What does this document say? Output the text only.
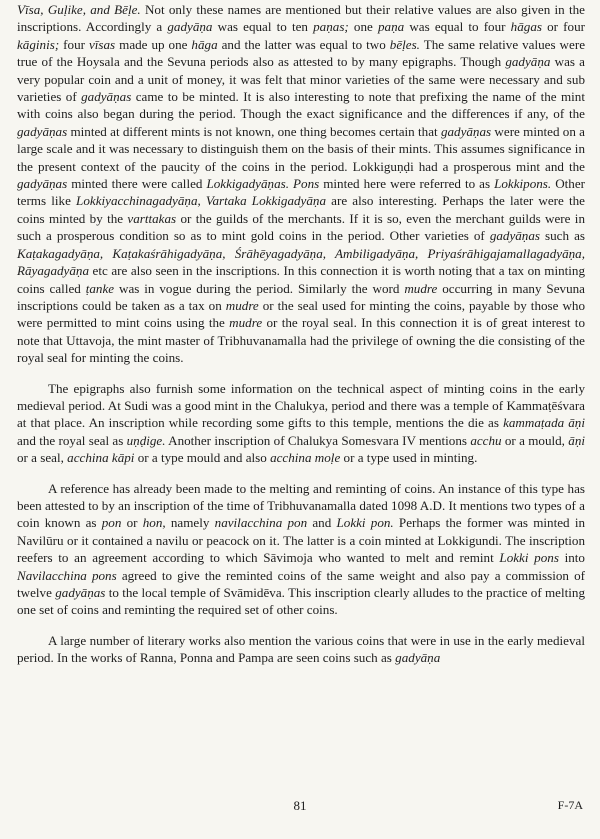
Vīsa, Guḷike, and Bēḷe. Not only these names are mentioned but their relative values are also given in the inscriptions. Accordingly a gadyāṇa was equal to ten paṇas; one paṇa was equal to four hāgas or four kāginis; four vīsas made up one hāga and the latter was equal to two bēḷes. The same relative values were true of the Hoysala and the Sevuna periods also as attested to by many epigraphs. Though gadyāṇa was a very popular coin and a unit of money, it was felt that minor varieties of the same were necessary and sub varieties of gadyāṇas came to be minted. It is also interesting to note that prefixing the name of the mint with coins also began during the period. Though the exact significance and the differences if any, of the gadyāṇas minted at different mints is not known, one thing becomes certain that gadyāṇas were minted on a large scale and it was necessary to distinguish them on the basis of their mints. This assumes significance in the present context of the paucity of the coins in the period. Lokkiguṇḍi had a prosperous mint and the gadyāṇas minted there were called Lokkigadyāṇas. Pons minted here were referred to as Lokkipons. Other terms like Lokkiyacchinagadyāṇa, Vartaka Lokkigadyāṇa are also interesting. Perhaps the later were the coins minted by the varttakas or the guilds of the merchants. If it is so, even the merchant guilds were in such a prosperous condition so as to mint gold coins in the period. Other varieties of gadyāṇas such as Kaṭakagadyāṇa, Kaṭakaśrāhigadyāṇa, Śrāhēyagadyāṇa, Ambiligadyāṇa, Priyaśrāhigajamallagadyāṇa, Rāyagadyāṇa etc are also seen in the inscriptions. In this connection it is worth noting that a tax on minting coins called ṭanke was in vogue during the period. Similarly the word mudre occurring in many Sevuna inscriptions could be taken as a tax on mudre or the seal used for minting the coins, payable by those who were permitted to mint coins using the mudre or the royal seal. In this connection it is of great interest to note that Uttavoja, the mint master of Tribhuvanamalla had the privilege of owning the die consisting of the royal seal for minting the coins.

The epigraphs also furnish some information on the technical aspect of minting coins in the early medieval period. At Sudi was a good mint in the Chalukya, period and there was a temple of Kammaṭēśvara at that place. An inscription while recording some gifts to this temple, mentions the die as kammaṭada āṇi and the royal seal as uṇḍige. Another inscription of Chalukya Somesvara IV mentions acchu or a mould, āṇi or a seal, acchina kāpi or a type mould and also acchina moḷe or a type used in minting.

A reference has already been made to the melting and reminting of coins. An instance of this type has been attested to by an inscription of the time of Tribhuvanamalla dated 1098 A.D. It mentions two types of a coin known as pon or hon, namely navilacchina pon and Lokki pon. Perhaps the former was minted in Navilūru or it contained a navilu or peacock on it. The latter is a coin minted at Lokkigundi. The inscription reefers to an agreement according to which Sāvimoja who wanted to melt and remint Lokki pons into Navilacchina pons agreed to give the reminted coins of the same weight and also pay a commission of twelve gadyāṇas to the local temple of Svāmidēva. This inscription clearly alludes to the practice of melting one set of coins and reminting the required set of other coins.

A large number of literary works also mention the various coins that were in use in the early medieval period. In the works of Ranna, Ponna and Pampa are seen coins such as gadyāṇa

81	F-7A
